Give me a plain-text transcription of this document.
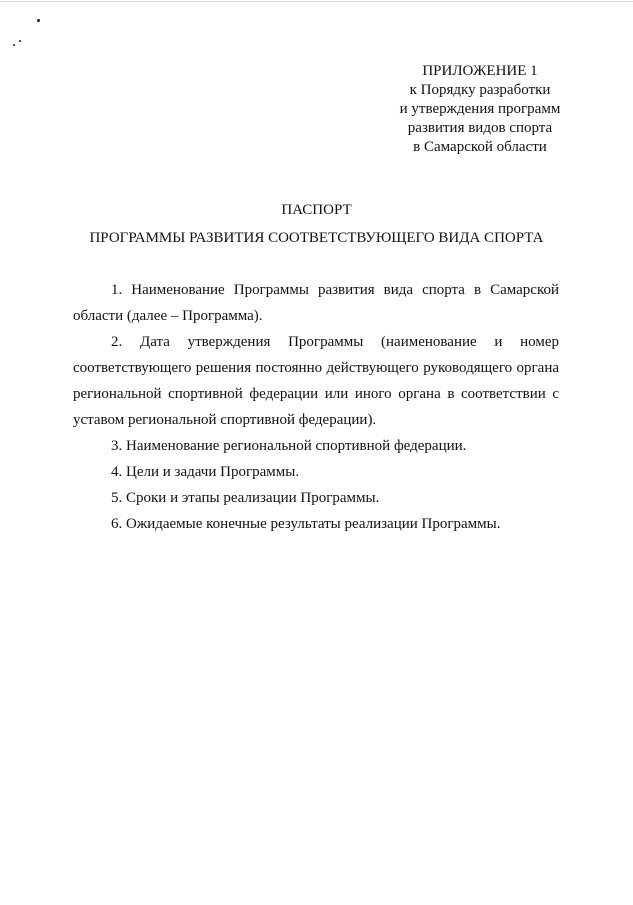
ПРИЛОЖЕНИЕ 1
к Порядку разработки
и утверждения программ
развития видов спорта
в Самарской области
ПАСПОРТ
ПРОГРАММЫ РАЗВИТИЯ СООТВЕТСТВУЮЩЕГО ВИДА СПОРТА

1. Наименование Программы развития вида спорта в Самарской области (далее – Программа).

2. Дата утверждения Программы (наименование и номер соответствующего решения постоянно действующего руководящего органа региональной спортивной федерации или иного органа в соответствии с уставом региональной спортивной федерации).

3. Наименование региональной спортивной федерации.

4. Цели и задачи Программы.

5. Сроки и этапы реализации Программы.

6. Ожидаемые конечные результаты реализации Программы.
